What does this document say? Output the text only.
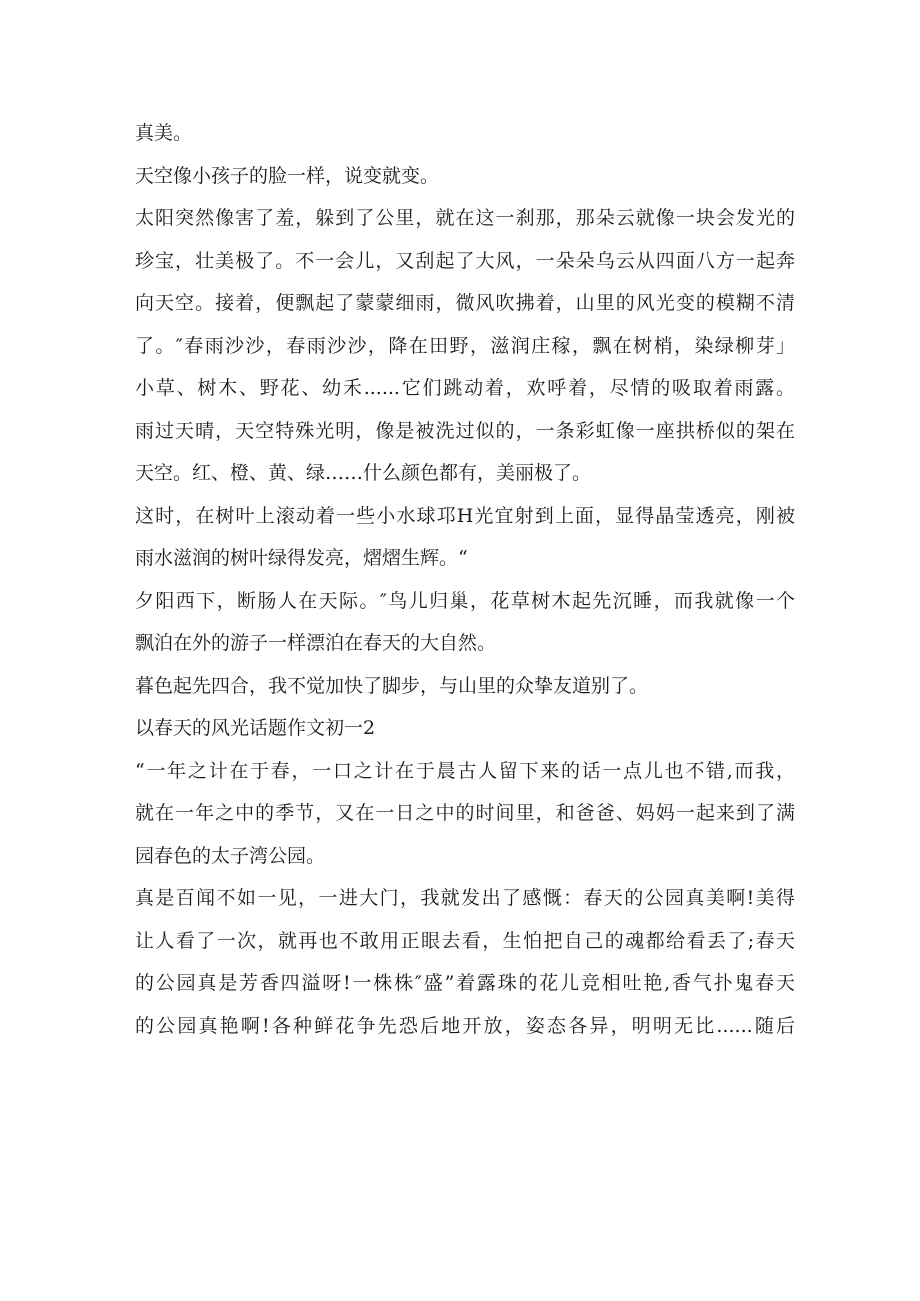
真美。
天空像小孩子的脸一样，说变就变。
太阳突然像害了羞，躲到了公里，就在这一刹那，那朵云就像一块会发光的
珍宝，壮美极了。不一会儿，又刮起了大风，一朵朵乌云从四面八方一起奔
向天空。接着，便飘起了蒙蒙细雨，微风吹拂着，山里的风光变的模糊不清
了。″春雨沙沙，春雨沙沙，降在田野，滋润庄稼，飘在树梢，染绿柳芽」
小草、树木、野花、幼禾......它们跳动着，欢呼着，尽情的吸取着雨露。
雨过天晴，天空特殊光明，像是被洗过似的，一条彩虹像一座拱桥似的架在
天空。红、橙、黄、绿……什么颜色都有，美丽极了。
这时，在树叶上滚动着一些小水球邛H光宜射到上面，显得晶莹透亮，刚被
雨水滋润的树叶绿得发亮，熠熠生辉。“
夕阳西下，断肠人在天际。″鸟儿归巢，花草树木起先沉睡，而我就像一个
飘泊在外的游子一样漂泊在春天的大自然。
暮色起先四合，我不觉加快了脚步，与山里的众挚友道别了。
以春天的风光话题作文初一2
“一年之计在于春，一口之计在于晨古人留下来的话一点儿也不错,而我，
就在一年之中的季节，又在一日之中的时间里，和爸爸、妈妈一起来到了满
园春色的太子湾公园。
真是百闻不如一见，一进大门，我就发出了感慨：春天的公园真美啊!美得
让人看了一次，就再也不敢用正眼去看，生怕把自己的魂都给看丢了;春天
的公园真是芳香四溢呀!一株株″盛”着露珠的花儿竞相吐艳,香气扑鬼春天
的公园真艳啊!各种鲜花争先恐后地开放，姿态各异，明明无比......随后
